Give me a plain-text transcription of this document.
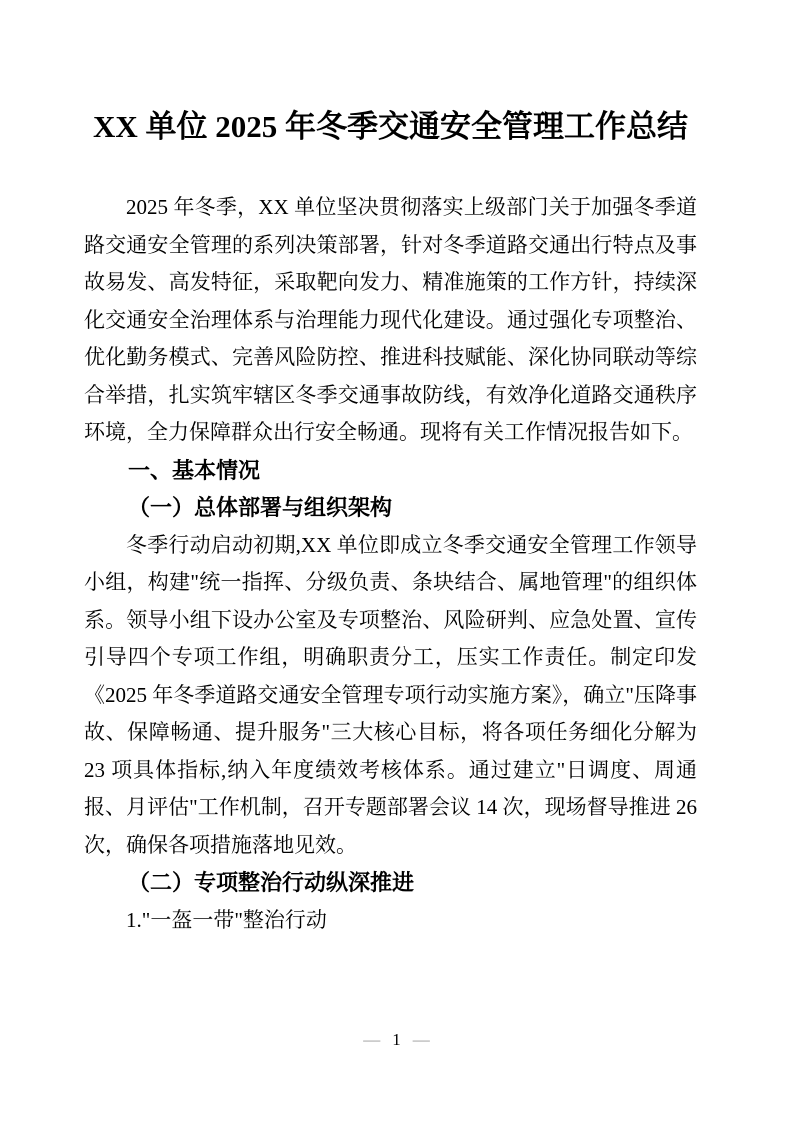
XX 单位 2025 年冬季交通安全管理工作总结

2025 年冬季，XX 单位坚决贯彻落实上级部门关于加强冬季道路交通安全管理的系列决策部署，针对冬季道路交通出行特点及事故易发、高发特征，采取靶向发力、精准施策的工作方针，持续深化交通安全治理体系与治理能力现代化建设。通过强化专项整治、优化勤务模式、完善风险防控、推进科技赋能、深化协同联动等综合举措，扎实筑牢辖区冬季交通事故防线，有效净化道路交通秩序环境，全力保障群众出行安全畅通。现将有关工作情况报告如下。

一、基本情况
（一）总体部署与组织架构

冬季行动启动初期,XX 单位即成立冬季交通安全管理工作领导小组，构建"统一指挥、分级负责、条块结合、属地管理"的组织体系。领导小组下设办公室及专项整治、风险研判、应急处置、宣传引导四个专项工作组，明确职责分工，压实工作责任。制定印发《2025 年冬季道路交通安全管理专项行动实施方案》，确立"压降事故、保障畅通、提升服务"三大核心目标，将各项任务细化分解为23 项具体指标,纳入年度绩效考核体系。通过建立"日调度、周通报、月评估"工作机制，召开专题部署会议 14 次，现场督导推进 26 次，确保各项措施落地见效。

（二）专项整治行动纵深推进

1."一盔一带"整治行动

— 1 —
